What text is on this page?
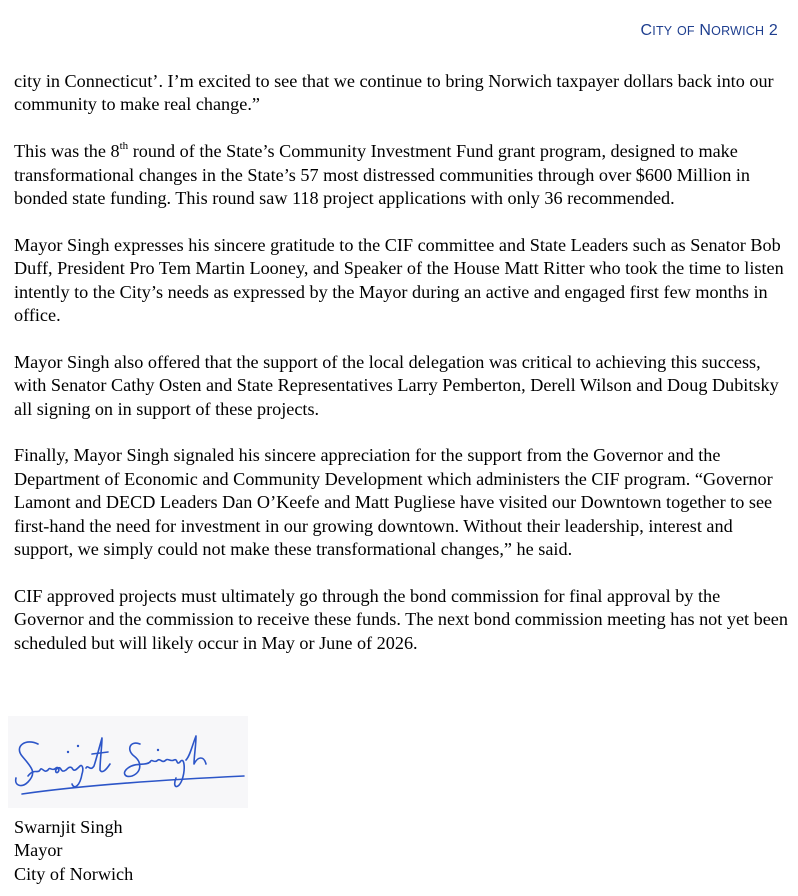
CITY OF NORWICH 2

city in Connecticut’. I’m excited to see that we continue to bring Norwich taxpayer dollars back into our community to make real change.”

This was the 8th round of the State’s Community Investment Fund grant program, designed to make transformational changes in the State’s 57 most distressed communities through over $600 Million in bonded state funding. This round saw 118 project applications with only 36 recommended.

Mayor Singh expresses his sincere gratitude to the CIF committee and State Leaders such as Senator Bob Duff, President Pro Tem Martin Looney, and Speaker of the House Matt Ritter who took the time to listen intently to the City’s needs as expressed by the Mayor during an active and engaged first few months in office.

Mayor Singh also offered that the support of the local delegation was critical to achieving this success, with Senator Cathy Osten and State Representatives Larry Pemberton, Derell Wilson and Doug Dubitsky all signing on in support of these projects.

Finally, Mayor Singh signaled his sincere appreciation for the support from the Governor and the Department of Economic and Community Development which administers the CIF program. “Governor Lamont and DECD Leaders Dan O’Keefe and Matt Pugliese have visited our Downtown together to see first-hand the need for investment in our growing downtown. Without their leadership, interest and support, we simply could not make these transformational changes,” he said.

CIF approved projects must ultimately go through the bond commission for final approval by the Governor and the commission to receive these funds. The next bond commission meeting has not yet been scheduled but will likely occur in May or June of 2026.

Swarnjit Singh
Mayor
City of Norwich
